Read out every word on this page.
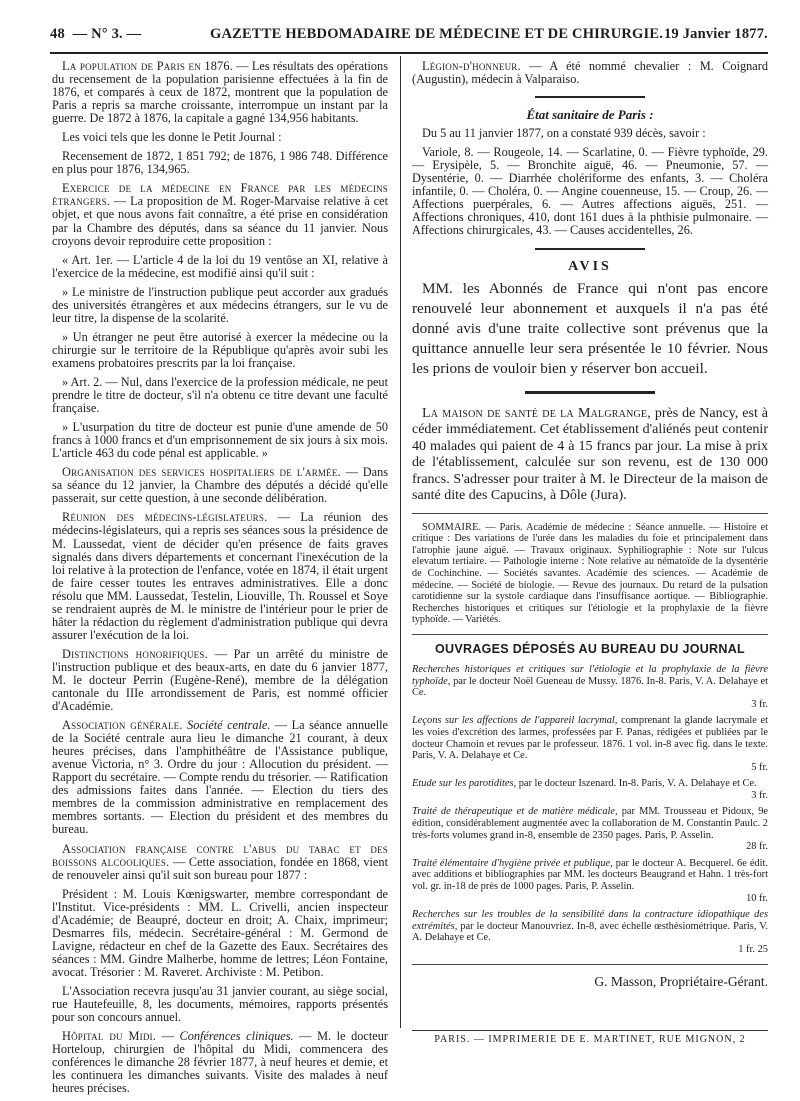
48 — N° 3. —	GAZETTE HEBDOMADAIRE DE MÉDECINE ET DE CHIRURGIE. 19 Janvier 1877.

La population de Paris en 1876. — Les résultats des opérations du recensement de la population parisienne effectuées à la fin de 1876, et comparés à ceux de 1872, montrent que la population de Paris a repris sa marche croissante, interrompue un instant par la guerre. De 1872 à 1876, la capitale a gagné 134,956 habitants.

Les voici tels que les donne le Petit Journal :

Recensement de 1872, 1 851 792; de 1876, 1 986 748. Différence en plus pour 1876, 134,965.

Exercice de la médecine en France par les médecins étrangers. — La proposition de M. Roger-Marvaise relative à cet objet, et que nous avons fait connaître, a été prise en considération par la Chambre des députés, dans sa séance du 11 janvier. Nous croyons devoir reproduire cette proposition :

« Art. 1er. — L'article 4 de la loi du 19 ventôse an XI, relative à l'exercice de la médecine, est modifié ainsi qu'il suit :

» Le ministre de l'instruction publique peut accorder aux gradués des universités étrangères et aux médecins étrangers, sur le vu de leur titre, la dispense de la scolarité.

» Un étranger ne peut être autorisé à exercer la médecine ou la chirurgie sur le territoire de la République qu'après avoir subi les examens probatoires prescrits par la loi française.

» Art. 2. — Nul, dans l'exercice de la profession médicale, ne peut prendre le titre de docteur, s'il n'a obtenu ce titre devant une faculté française.

» L'usurpation du titre de docteur est punie d'une amende de 50 francs à 1000 francs et d'un emprisonnement de six jours à six mois. L'article 463 du code pénal est applicable. »

Organisation des services hospitaliers de l'armée. — Dans sa séance du 12 janvier, la Chambre des députés a décidé qu'elle passerait, sur cette question, à une seconde délibération.

Réunion des médecins-législateurs. — La réunion des médecins-législateurs, qui a repris ses séances sous la présidence de M. Laussedat, vient de décider qu'en présence de faits graves signalés dans divers départements et concernant l'inexécution de la loi relative à la protection de l'enfance, votée en 1874, il était urgent de faire cesser toutes les entraves administratives. Elle a donc résolu que MM. Laussedat, Testelin, Liouville, Th. Roussel et Soye se rendraient auprès de M. le ministre de l'intérieur pour le prier de hâter la rédaction du règlement d'administration publique qui devra assurer l'exécution de la loi.

Distinctions honorifiques. — Par un arrêté du ministre de l'instruction publique et des beaux-arts, en date du 6 janvier 1877, M. le docteur Perrin (Eugène-René), membre de la délégation cantonale du IIIe arrondissement de Paris, est nommé officier d'Académie.

Association générale. Société centrale. — La séance annuelle de la Société centrale aura lieu le dimanche 21 courant, à deux heures précises, dans l'amphithéâtre de l'Assistance publique, avenue Victoria, n° 3. Ordre du jour : Allocution du président. — Rapport du secrétaire. — Compte rendu du trésorier. — Ratification des admissions faites dans l'année. — Election du tiers des membres de la commission administrative en remplacement des membres sortants. — Election du président et des membres du bureau.

Association française contre l'abus du tabac et des boissons alcooliques. — Cette association, fondée en 1868, vient de renouveler ainsi qu'il suit son bureau pour 1877 :

Président : M. Louis Kœnigswarter, membre correspondant de l'Institut. Vice-présidents : MM. L. Crivelli, ancien inspecteur d'Académie; de Beaupré, docteur en droit; A. Chaix, imprimeur; Desmarres fils, médecin. Secrétaire-général : M. Germond de Lavigne, rédacteur en chef de la Gazette des Eaux. Secrétaires des séances : MM. Gindre Malherbe, homme de lettres; Léon Fontaine, avocat. Trésorier : M. Raveret. Archiviste : M. Petibon.

L'Association recevra jusqu'au 31 janvier courant, au siège social, rue Hautefeuille, 8, les documents, mémoires, rapports présentés pour son concours annuel.

Hôpital du Midi. — Conférences cliniques. — M. le docteur Horteloup, chirurgien de l'hôpital du Midi, commencera des conférences le dimanche 28 février 1877, à neuf heures et demie, et les continuera les dimanches suivants. Visite des malades à neuf heures précises.

Légion-d'honneur. — A été nommé chevalier : M. Coignard (Augustin), médecin à Valparaiso.

État sanitaire de Paris :

Du 5 au 11 janvier 1877, on a constaté 939 décès, savoir :

Variole, 8. — Rougeole, 14. — Scarlatine, 0. — Fièvre typhoïde, 29. — Erysipèle, 5. — Bronchite aiguë, 46. — Pneumonie, 57. — Dysentérie, 0. — Diarrhée cholériforme des enfants, 3. — Choléra infantile, 0. — Choléra, 0. — Angine couenneuse, 15. — Croup, 26. — Affections puerpérales, 6. — Autres affections aiguës, 251. — Affections chroniques, 410, dont 161 dues à la phthisie pulmonaire. — Affections chirurgicales, 43. — Causes accidentelles, 26.

AVIS

MM. les Abonnés de France qui n'ont pas encore renouvelé leur abonnement et auxquels il n'a pas été donné avis d'une traite collective sont prévenus que la quittance annuelle leur sera présentée le 10 février. Nous les prions de vouloir bien y réserver bon accueil.

La maison de santé de la Malgrange, près de Nancy, est à céder immédiatement. Cet établissement d'aliénés peut contenir 40 malades qui paient de 4 à 15 francs par jour. La mise à prix de l'établissement, calculée sur son revenu, est de 130 000 francs. S'adresser pour traiter à M. le Directeur de la maison de santé dite des Capucins, à Dôle (Jura).

SOMMAIRE. — Paris. Académie de médecine : Séance annuelle. — Histoire et critique : Des variations de l'urée dans les maladies du foie et principalement dans l'atrophie jaune aiguë. — Travaux originaux. Syphiliographie : Note sur l'ulcus elevatum tertiaire. — Pathologie interne : Note relative au nématoïde de la dysentérie de Cochinchine. — Sociétés savantes. Académie des sciences. — Académie de médecine. — Société de biologie. — Revue des journaux. Du retard de la pulsation carotidienne sur la systole cardiaque dans l'insuffisance aortique. — Bibliographie. Recherches historiques et critiques sur l'étiologie et la prophylaxie de la fièvre typhoïde. — Variétés.

OUVRAGES DÉPOSÉS AU BUREAU DU JOURNAL

Recherches historiques et critiques sur l'étiologie et la prophylaxie de la fièvre typhoïde, par le docteur Noël Gueneau de Mussy. 1876. In-8. Paris, V. A. Delahaye et Ce.
3 fr.

Leçons sur les affections de l'appareil lacrymal, comprenant la glande lacrymale et les voies d'excrétion des larmes, professées par F. Panas, rédigées et publiées par le docteur Chamoin et revues par le professeur. 1876. 1 vol. in-8 avec fig. dans le texte. Paris, V. A. Delahaye et Ce.
5 fr.

Etude sur les parotidites, par le docteur Iszenard. In-8. Paris, V. A. Delahaye et Ce.
3 fr.

Traité de thérapeutique et de matière médicale, par MM. Trousseau et Pidoux, 9e édition, considérablement augmentée avec la collaboration de M. Constantin Paulc. 2 très-forts volumes grand in-8, ensemble de 2350 pages. Paris, P. Asselin.
28 fr.

Traité élémentaire d'hygiène privée et publique, par le docteur A. Becquerel. 6e édit. avec additions et bibliographies par MM. les docteurs Beaugrand et Hahn. 1 très-fort vol. gr. in-18 de près de 1000 pages. Paris, P. Asselin.
10 fr.

Recherches sur les troubles de la sensibilité dans la contracture idiopathique des extrémités, par le docteur Manouvriez. In-8, avec échelle œsthésiométrique. Paris, V. A. Delahaye et Ce.
1 fr. 25

G. Masson, Propriétaire-Gérant.
PARIS. — IMPRIMERIE DE E. MARTINET, RUE MIGNON, 2
